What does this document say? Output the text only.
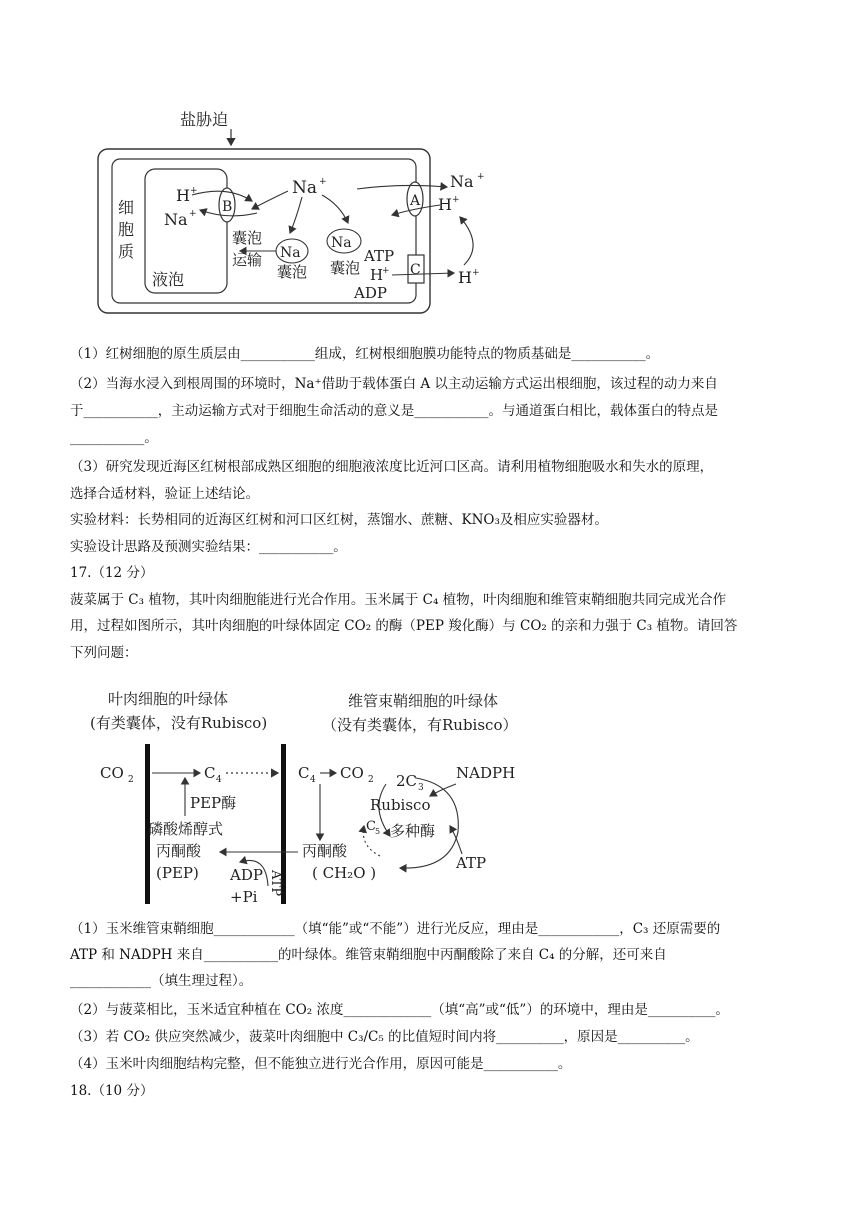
盐胁迫
细
胞
质
液泡
B
H +
Na +
A
Na +
H +
Na +
囊泡
运输 Na
囊泡
Na
囊泡	C
ATP
H
+
ADP
H +
（1）红树细胞的原生质层由___________组成，红树根细胞膜功能特点的物质基础是___________。
（2）当海水浸入到根周围的环境时，Na⁺借助于载体蛋白 A 以主动运输方式运出根细胞，该过程的动力来自
于___________，主动运输方式对于细胞生命活动的意义是___________。与通道蛋白相比，载体蛋白的特点是
___________。
（3）研究发现近海区红树根部成熟区细胞的细胞液浓度比近河口区高。请利用植物细胞吸水和失水的原理，
选择合适材料，验证上述结论。
实验材料：长势相同的近海区红树和河口区红树，蒸馏水、蔗糖、KNO₃及相应实验器材。
实验设计思路及预测实验结果：___________。
17.（12 分）
菠菜属于 C₃ 植物，其叶肉细胞能进行光合作用。玉米属于 C₄ 植物，叶肉细胞和维管束鞘细胞共同完成光合作
用，过程如图所示，其叶肉细胞的叶绿体固定 CO₂ 的酶（PEP 羧化酶）与 CO₂ 的亲和力强于 C₃ 植物。请回答
下列问题：
叶肉细胞的叶绿体
(有类囊体，没有Rubisco)
维管束鞘细胞的叶绿体
（没有类囊体，有Rubisco）
CO 2	C 4	C 4 CO 2
PEP酶
磷酸烯醇式
丙酮酸
(PEP) ADP
+Pi
ATP
丙酮酸
( CH₂O )
2C 3
Rubisco
C 5 多种酶
NADPH
ATP
（1）玉米维管束鞘细胞____________（填“能”或“不能”）进行光反应，理由是____________，C₃ 还原需要的
ATP 和 NADPH 来自___________的叶绿体。维管束鞘细胞中丙酮酸除了来自 C₄ 的分解，还可来自
____________（填生理过程）。
（2）与菠菜相比，玉米适宜种植在 CO₂ 浓度_____________（填“高”或“低”）的环境中，理由是__________。
（3）若 CO₂ 供应突然减少，菠菜叶肉细胞中 C₃/C₅ 的比值短时间内将__________，原因是__________。
（4）玉米叶肉细胞结构完整，但不能独立进行光合作用，原因可能是___________。
18.（10 分）
